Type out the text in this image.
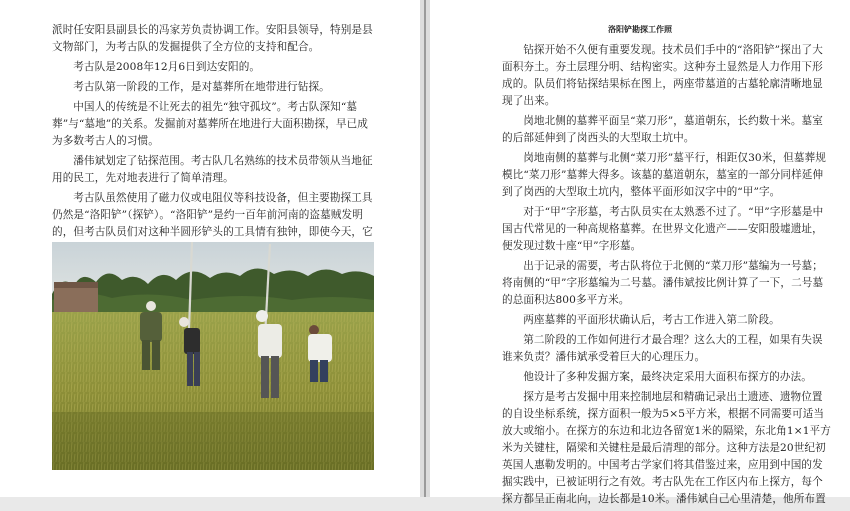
派时任安阳县副县长的冯家芳负责协调工作。安阳县领导，特别是县文物部门，为考古队的发掘提供了全方位的支持和配合。

考古队是2008年12月6日到达安阳的。

考古队第一阶段的工作，是对墓葬所在地带进行钻探。

中国人的传统是不让死去的祖先“独守孤坟”。考古队深知“墓葬”与“墓地”的关系。发掘前对墓葬所在地进行大面积勘探，早已成为多数考古人的习惯。

潘伟斌划定了钻探范围。考古队几名熟练的技术员带领从当地征用的民工，先对地表进行了简单清理。

考古队虽然使用了磁力仪或电阻仪等科技设备，但主要勘探工具仍然是“洛阳铲”（探铲）。“洛阳铲”是约一百年前河南的盗墓贼发明的，但考古队员们对这种半圆形铲头的工具情有独钟，即使今天，它

洛阳铲勘探工作照

钻探开始不久便有重要发现。技术员们手中的“洛阳铲”探出了大面积夯土。夯土层理分明、结构密实。这种夯土显然是人力作用下形成的。队员们将钻探结果标在图上，两座带墓道的古墓轮廓清晰地显现了出来。

岗地北侧的墓葬平面呈“菜刀形”，墓道朝东，长约数十米。墓室的后部延伸到了岗西头的大型取土坑中。

岗地南侧的墓葬与北侧“菜刀形”墓平行，相距仅30米，但墓葬规模比“菜刀形”墓葬大得多。该墓的墓道朝东，墓室的一部分同样延伸到了岗西的大型取土坑内，整体平面形如汉字中的“甲”字。

对于“甲”字形墓，考古队员实在太熟悉不过了。“甲”字形墓是中国古代常见的一种高规格墓葬。在世界文化遗产——安阳殷墟遗址，便发现过数十座“甲”字形墓。

出于记录的需要，考古队将位于北侧的“菜刀形”墓编为一号墓；将南侧的“甲”字形墓编为二号墓。潘伟斌按比例计算了一下，二号墓的总面积达800多平方米。

两座墓葬的平面形状确认后，考古工作进入第二阶段。

第二阶段的工作如何进行才最合理？这么大的工程，如果有失误谁来负责？潘伟斌承受着巨大的心理压力。

他设计了多种发掘方案，最终决定采用大面积布探方的办法。

探方是考古发掘中用来控制地层和精确记录出土遗迹、遗物位置的自设坐标系统，探方面积一般为5×5平方米，根据不同需要可适当放大或缩小。在探方的东边和北边各留宽1米的隔梁，东北角1×1平方米为关键柱，隔梁和关键柱是最后清理的部分。这种方法是20世纪初英国人惠勒发明的。中国考古学家们将其借鉴过来，应用到中国的发掘实践中，已被证明行之有效。考古队先在工作区内布上探方，每个探方都呈正南北向，边长都是10米。潘伟斌自己心里清楚，他所布置
